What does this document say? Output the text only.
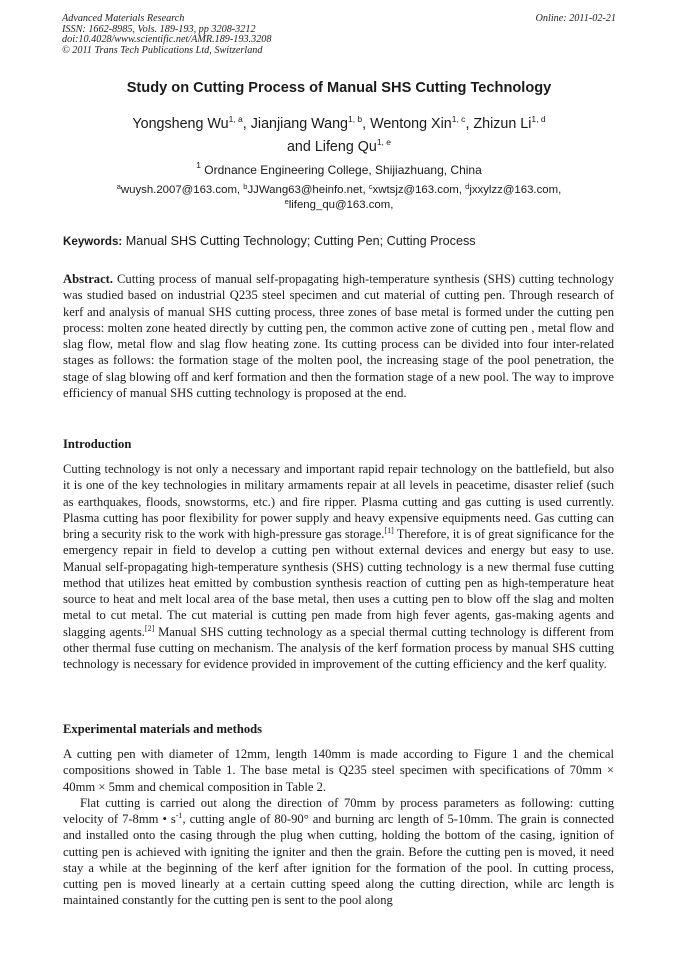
Advanced Materials Research
ISSN: 1662-8985, Vols. 189-193, pp 3208-3212
doi:10.4028/www.scientific.net/AMR.189-193.3208
© 2011 Trans Tech Publications Ltd, Switzerland
Online: 2011-02-21
Study on Cutting Process of Manual SHS Cutting Technology
Yongsheng Wu$^{1, a}$, Jianjiang Wang$^{1, b}$, Wentong Xin$^{1, c}$, Zhizun Li$^{1, d}$
and Lifeng Qu$^{1, e}$
$^1$ Ordnance Engineering College, Shijiazhuang, China
$^a$wuysh.2007@163.com, $^b$JJWang63@heinfo.net, $^c$xwtsjz@163.com, $^d$jxxylzz@163.com,
$^e$lifeng_qu@163.com,
Keywords: Manual SHS Cutting Technology; Cutting Pen; Cutting Process
Abstract. Cutting process of manual self-propagating high-temperature synthesis (SHS) cutting technology was studied based on industrial Q235 steel specimen and cut material of cutting pen. Through research of kerf and analysis of manual SHS cutting process, three zones of base metal is formed under the cutting pen process: molten zone heated directly by cutting pen, the common active zone of cutting pen , metal flow and slag flow, metal flow and slag flow heating zone. Its cutting process can be divided into four inter-related stages as follows: the formation stage of the molten pool, the increasing stage of the pool penetration, the stage of slag blowing off and kerf formation and then the formation stage of a new pool. The way to improve efficiency of manual SHS cutting technology is proposed at the end.
Introduction
Cutting technology is not only a necessary and important rapid repair technology on the battlefield, but also it is one of the key technologies in military armaments repair at all levels in peacetime, disaster relief (such as earthquakes, floods, snowstorms, etc.) and fire ripper. Plasma cutting and gas cutting is used currently. Plasma cutting has poor flexibility for power supply and heavy expensive equipments need. Gas cutting can bring a security risk to the work with high-pressure gas storage.[1] Therefore, it is of great significance for the emergency repair in field to develop a cutting pen without external devices and energy but easy to use. Manual self-propagating high-temperature synthesis (SHS) cutting technology is a new thermal fuse cutting method that utilizes heat emitted by combustion synthesis reaction of cutting pen as high-temperature heat source to heat and melt local area of the base metal, then uses a cutting pen to blow off the slag and molten metal to cut metal. The cut material is cutting pen made from high fever agents, gas-making agents and slagging agents.[2] Manual SHS cutting technology as a special thermal cutting technology is different from other thermal fuse cutting on mechanism. The analysis of the kerf formation process by manual SHS cutting technology is necessary for evidence provided in improvement of the cutting efficiency and the kerf quality.
Experimental materials and methods
A cutting pen with diameter of 12mm, length 140mm is made according to Figure 1 and the chemical compositions showed in Table 1. The base metal is Q235 steel specimen with specifications of 70mm × 40mm × 5mm and chemical composition in Table 2.
Flat cutting is carried out along the direction of 70mm by process parameters as following: cutting velocity of 7-8mm • $s^{-1}$, cutting angle of 80-90° and burning arc length of 5-10mm. The grain is connected and installed onto the casing through the plug when cutting, holding the bottom of the casing, ignition of cutting pen is achieved with igniting the igniter and then the grain. Before the cutting pen is moved, it need stay a while at the beginning of the kerf after ignition for the formation of the pool. In cutting process, cutting pen is moved linearly at a certain cutting speed along the cutting direction, while arc length is maintained constantly for the cutting pen is sent to the pool along
